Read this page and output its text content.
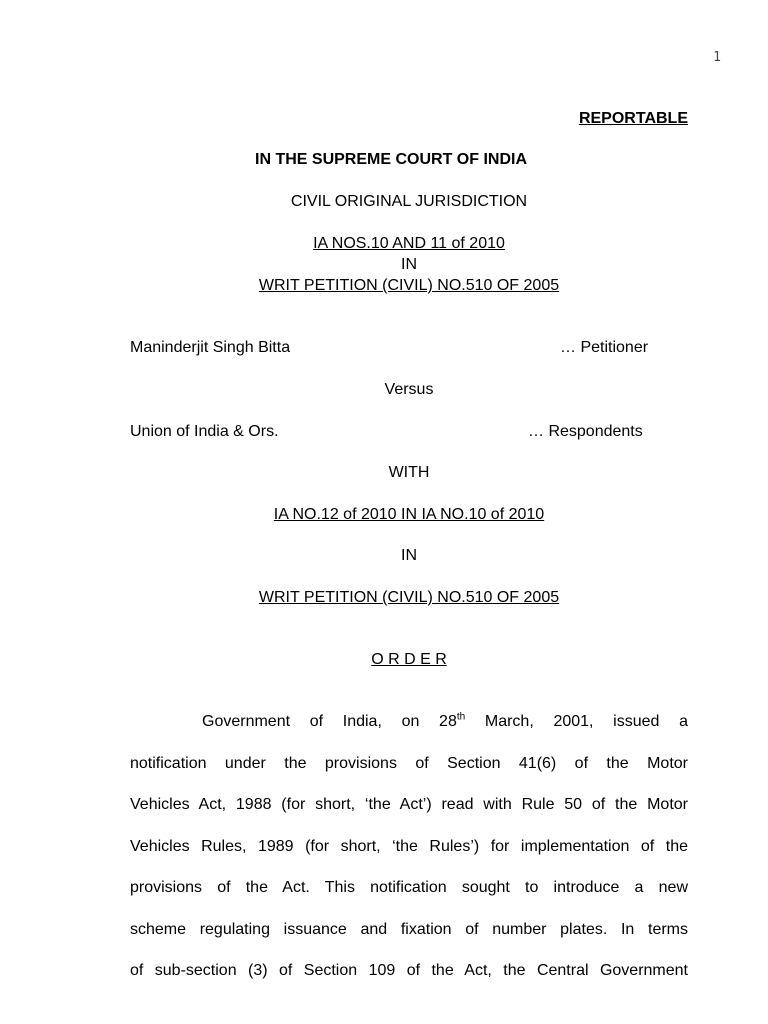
1
REPORTABLE
IN THE SUPREME COURT OF INDIA
CIVIL ORIGINAL JURISDICTION
IA NOS.10 AND 11 of 2010
IN
WRIT PETITION (CIVIL) NO.510 OF 2005
Maninderjit Singh Bitta	… Petitioner
Versus
Union of India & Ors.	… Respondents
WITH
IA NO.12 of 2010 IN IA NO.10 of 2010
IN
WRIT PETITION (CIVIL) NO.510 OF 2005
O R D E R
Government of India, on 28th March, 2001, issued a
notification under the provisions of Section 41(6) of the Motor
Vehicles Act, 1988 (for short, ‘the Act’) read with Rule 50 of the Motor
Vehicles Rules, 1989 (for short, ‘the Rules’) for implementation of the
provisions of the Act. This notification sought to introduce a new
scheme regulating issuance and fixation of number plates. In terms
of sub-section (3) of Section 109 of the Act, the Central Government
